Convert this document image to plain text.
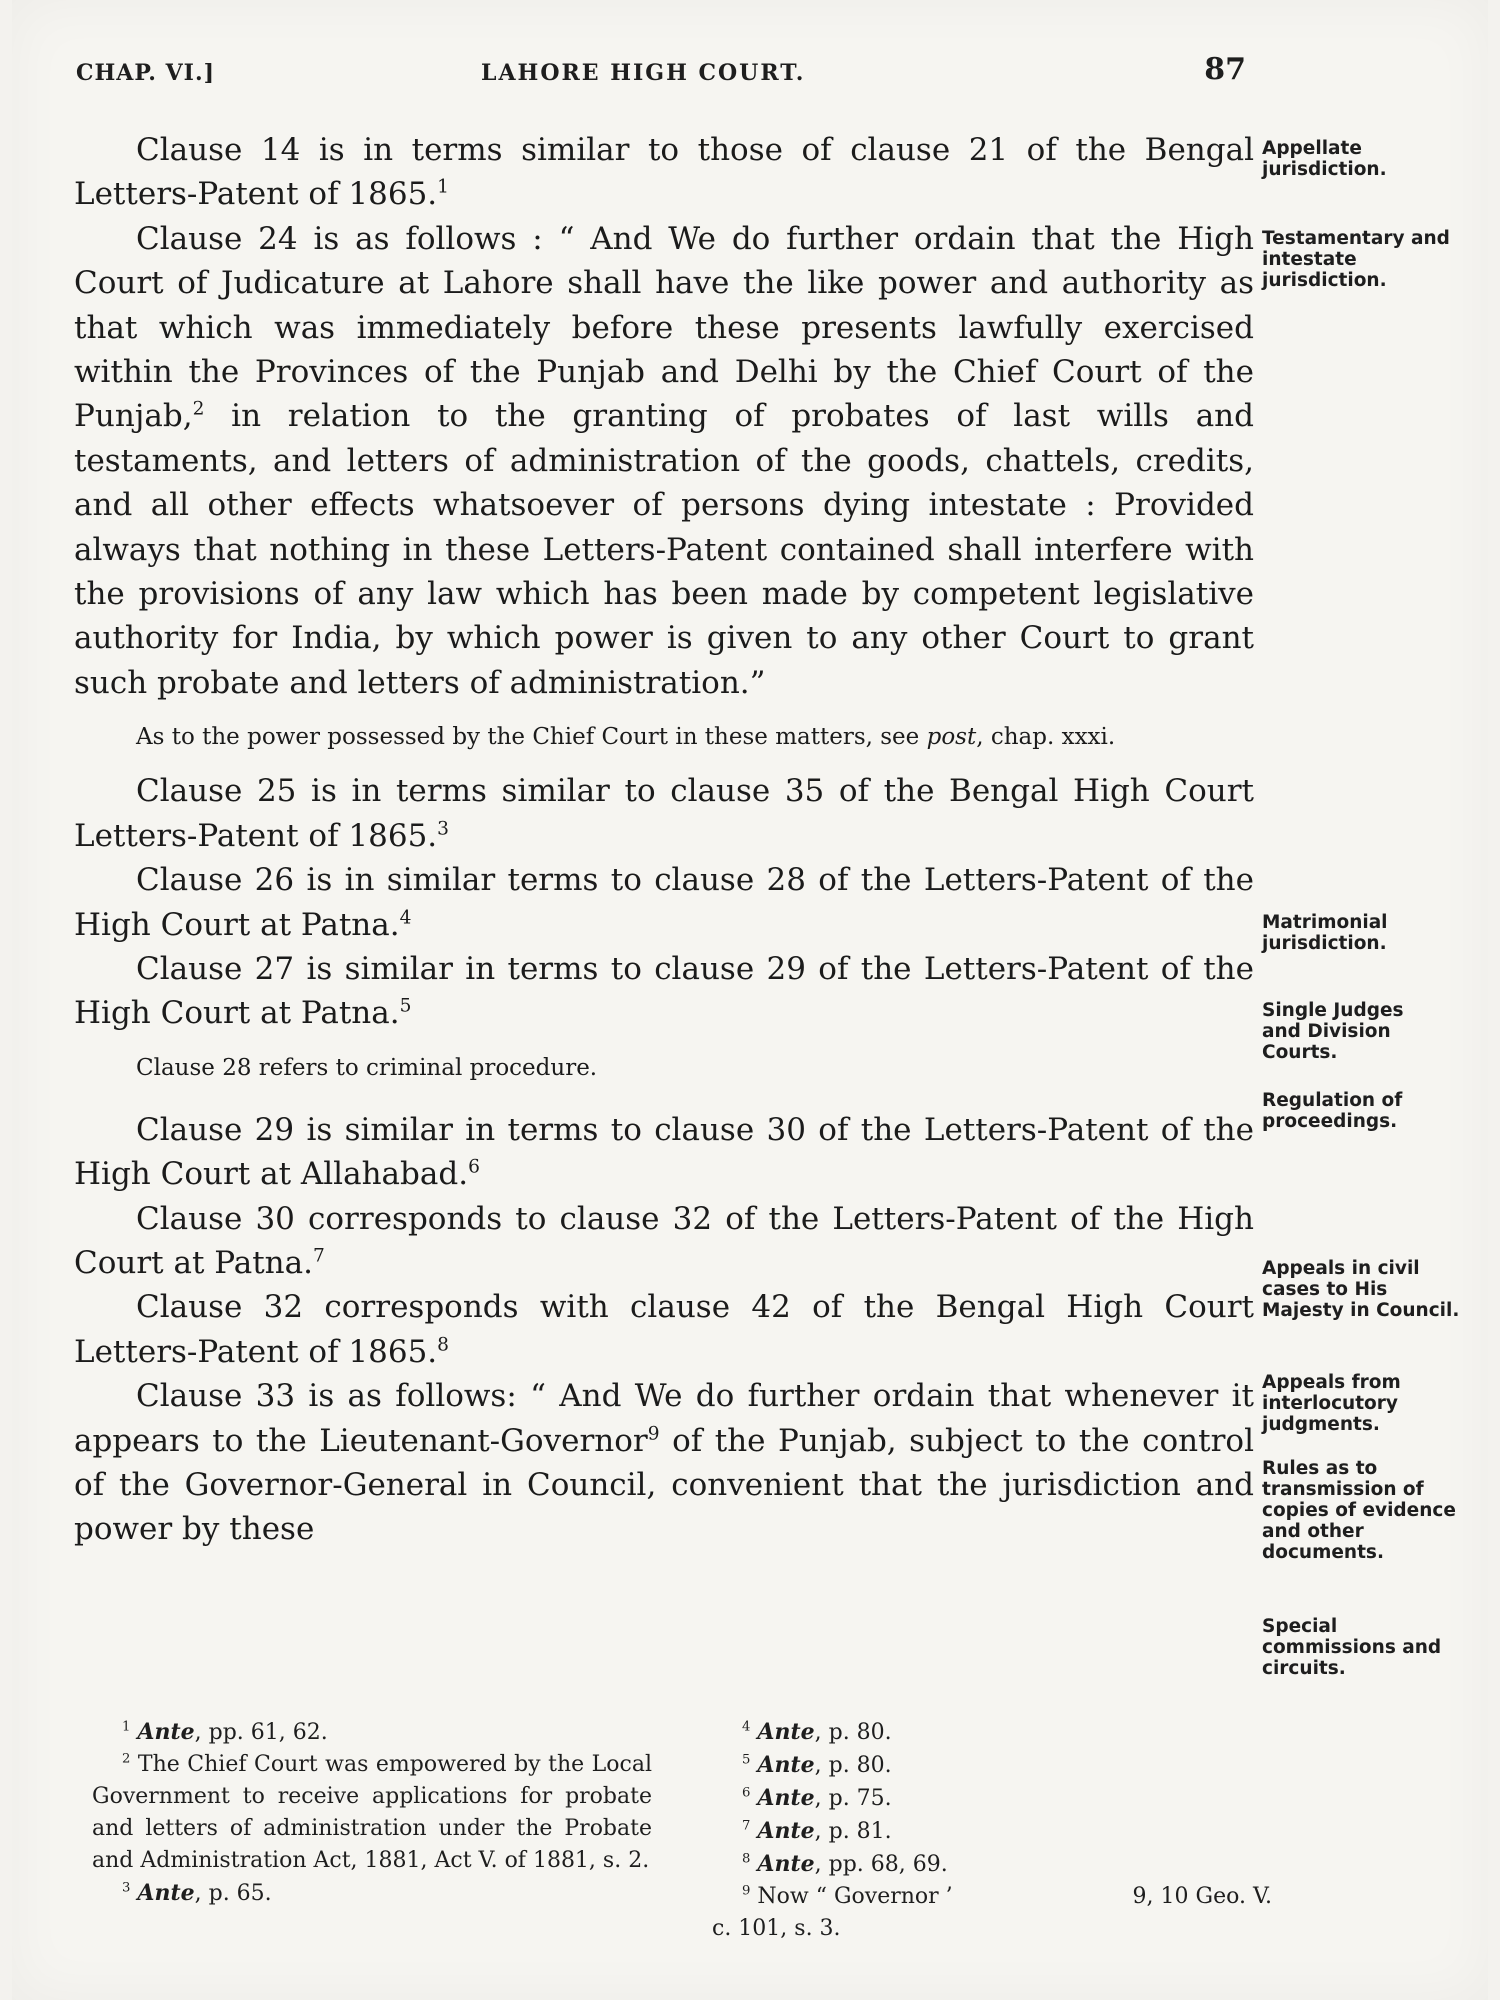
CHAP. VI.]	LAHORE HIGH COURT.	87

Clause 14 is in terms similar to those of clause 21 of the Bengal Letters-Patent of 1865.$^1$

Clause 24 is as follows : “ And We do further ordain that the High Court of Judicature at Lahore shall have the like power and authority as that which was immediately before these presents lawfully exercised within the Provinces of the Punjab and Delhi by the Chief Court of the Punjab,$^2$ in relation to the granting of probates of last wills and testaments, and letters of administration of the goods, chattels, credits, and all other effects whatsoever of persons dying intestate : Provided always that nothing in these Letters-Patent contained shall interfere with the provisions of any law which has been made by competent legislative authority for India, by which power is given to any other Court to grant such probate and letters of administration.”

As to the power possessed by the Chief Court in these matters, see post, chap. xxxi.

Clause 25 is in terms similar to clause 35 of the Bengal High Court Letters-Patent of 1865.$^3$

Clause 26 is in similar terms to clause 28 of the Letters-Patent of the High Court at Patna.$^4$

Clause 27 is similar in terms to clause 29 of the Letters-Patent of the High Court at Patna.$^5$

Clause 28 refers to criminal procedure.

Clause 29 is similar in terms to clause 30 of the Letters-Patent of the High Court at Allahabad.$^6$

Clause 30 corresponds to clause 32 of the Letters-Patent of the High Court at Patna.$^7$

Clause 32 corresponds with clause 42 of the Bengal High Court Letters-Patent of 1865.$^8$

Clause 33 is as follows: “ And We do further ordain that whenever it appears to the Lieutenant-Governor$^9$ of the Punjab, subject to the control of the Governor-General in Council, convenient that the jurisdiction and power by these

Appellate jurisdiction.
Testamentary and intestate jurisdiction.
Matrimonial jurisdiction.
Single Judges and Division Courts.
Regulation of proceedings.
Appeals in civil cases to His Majesty in Council.
Appeals from interlocutory judgments.
Rules as to transmission of copies of evidence and other documents.
Special commissions and circuits.

$^1$ Ante, pp. 61, 62.

$^2$ The Chief Court was empowered by the Local Government to receive applications for probate and letters of administration under the Probate and Administration Act, 1881, Act V. of 1881, s. 2.

$^3$ Ante, p. 65.

$^4$ Ante, p. 80.

$^5$ Ante, p. 80.

$^6$ Ante, p. 75.

$^7$ Ante, p. 81.

$^8$ Ante, pp. 68, 69.

$^9$ Now “ Governor ’	9, 10 Geo. V.

c. 101, s. 3.
